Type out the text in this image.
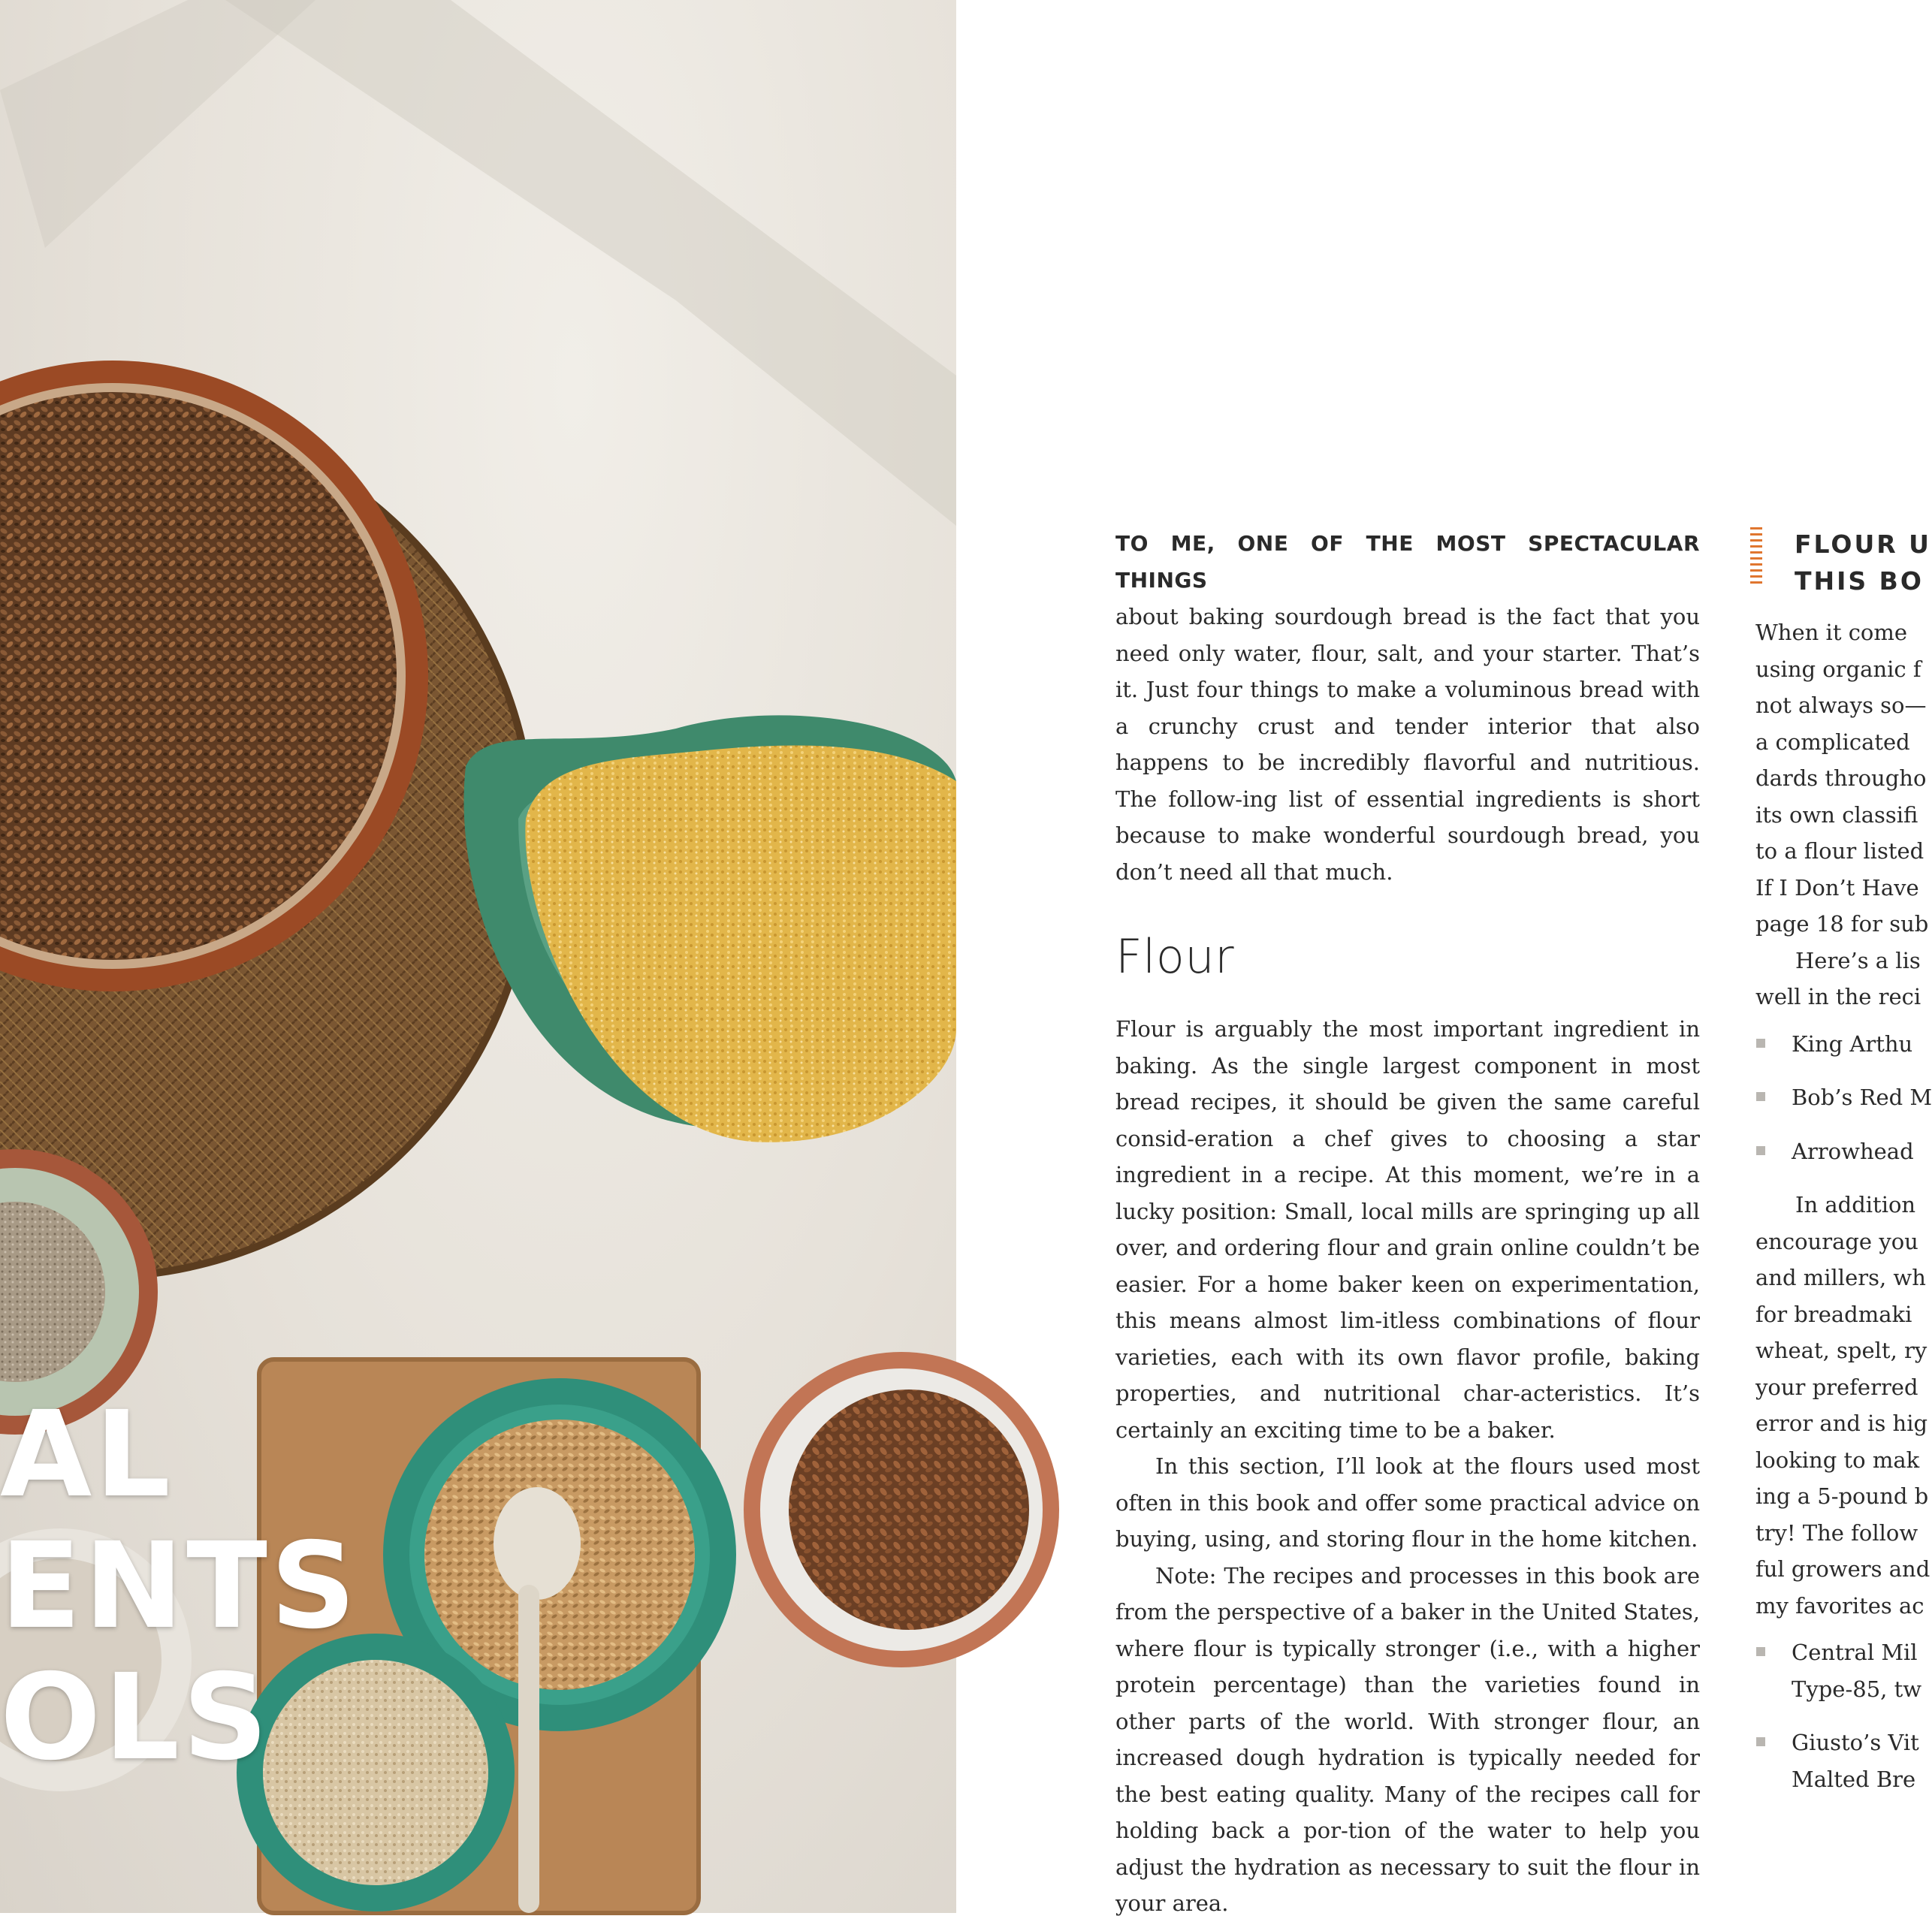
AL
ENTS
OLS

TO ME, ONE OF THE MOST SPECTACULAR THINGS
about baking sourdough bread is the fact that you need only water, flour, salt, and your starter. That’s it. Just four things to make a voluminous bread with a crunchy crust and tender interior that also happens to be incredibly flavorful and nutritious. The follow-ing list of essential ingredients is short because to make wonderful sourdough bread, you don’t need all that much.

Flour

Flour is arguably the most important ingredient in baking. As the single largest component in most bread recipes, it should be given the same careful consid-eration a chef gives to choosing a star ingredient in a recipe. At this moment, we’re in a lucky position: Small, local mills are springing up all over, and ordering flour and grain online couldn’t be easier. For a home baker keen on experimentation, this means almost lim-itless combinations of flour varieties, each with its own flavor profile, baking properties, and nutritional char-acteristics. It’s certainly an exciting time to be a baker.

In this section, I’ll look at the flours used most often in this book and offer some practical advice on buying, using, and storing flour in the home kitchen.

Note: The recipes and processes in this book are from the perspective of a baker in the United States, where flour is typically stronger (i.e., with a higher protein percentage) than the varieties found in other parts of the world. With stronger flour, an increased dough hydration is typically needed for the best eating quality. Many of the recipes call for holding back a por-tion of the water to help you adjust the hydration as necessary to suit the flour in your area.

FLOUR U
THIS BO
When it come
using organic f
not always so—
a complicated
dards througho
its own classifi
to a flour listed
If I Don’t Have
page 18 for sub
Here’s a lis
well in the reci
King Arthu
Bob’s Red M
Arrowhead
In addition
encourage you
and millers, wh
for breadmaki
wheat, spelt, ry
your preferred
error and is hig
looking to mak
ing a 5-pound b
try! The follow
ful growers and
my favorites ac
Central Mil
Type-85, tw
Giusto’s Vit
Malted Bre
